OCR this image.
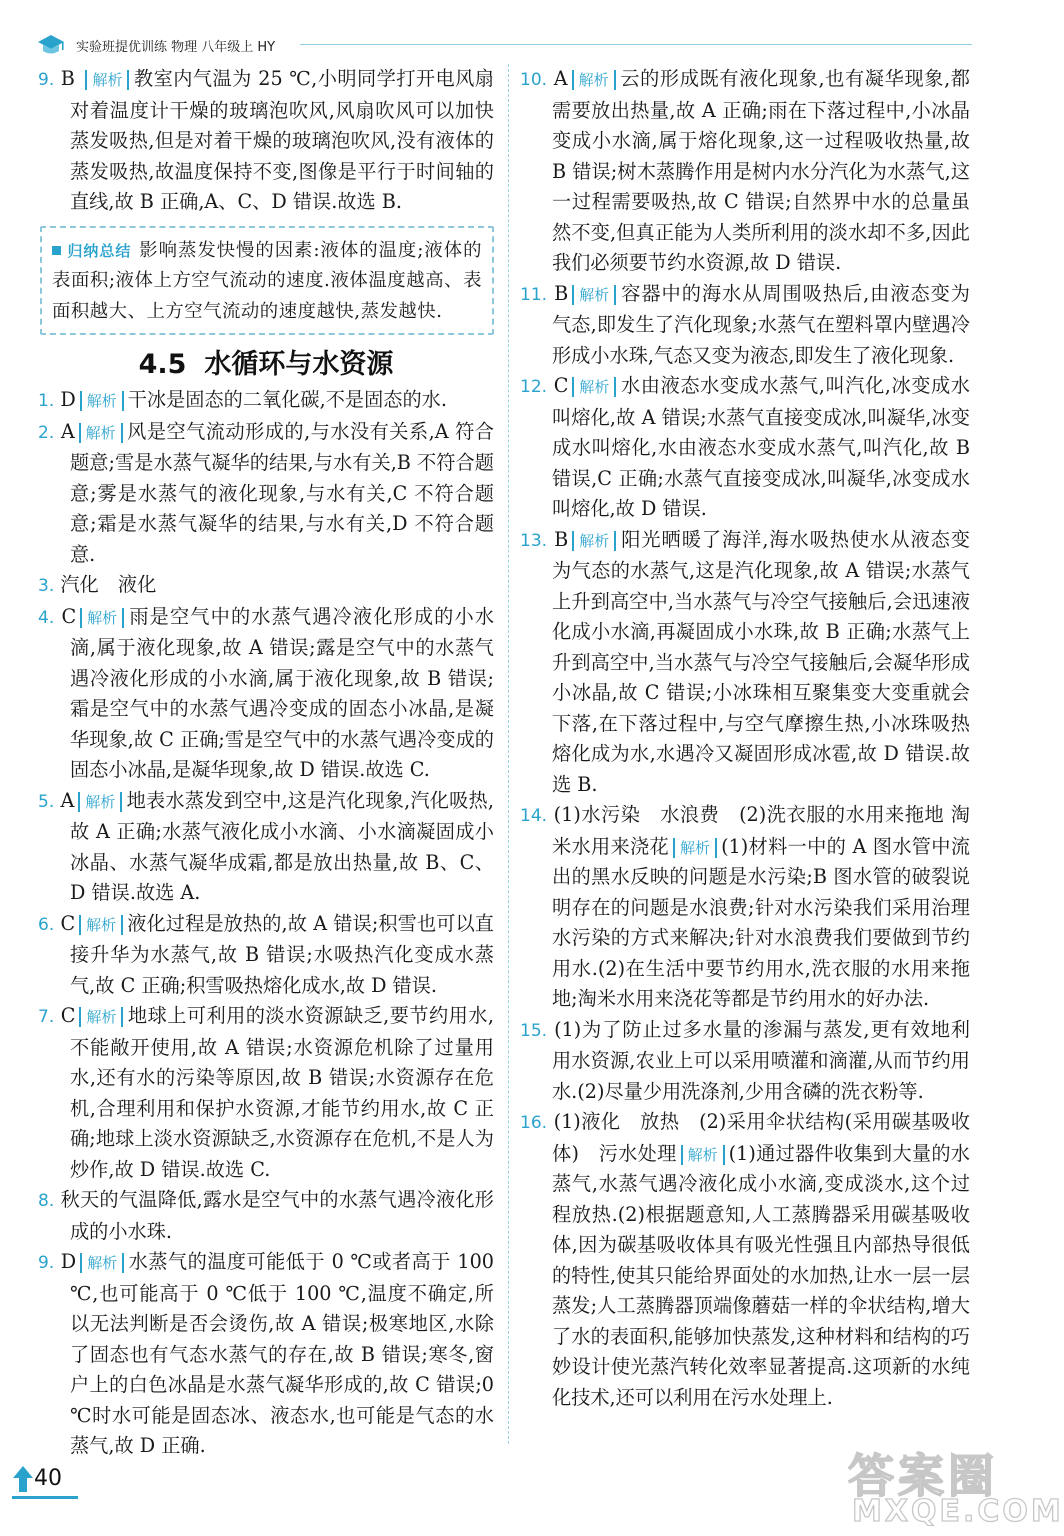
实验班提优训练 物理 八年级上 HY

9. B 解析 教室内气温为 25 ℃,小明同学打开电风扇对着温度计干燥的玻璃泡吹风,风扇吹风可以加快蒸发吸热,但是对着干燥的玻璃泡吹风,没有液体的蒸发吸热,故温度保持不变,图像是平行于时间轴的直线,故 B 正确,A、C、D 错误.故选 B.

归纳总结 影响蒸发快慢的因素:液体的温度;液体的表面积;液体上方空气流动的速度.液体温度越高、表面积越大、上方空气流动的速度越快,蒸发越快.
4.5 水循环与水资源

1. D 解析 干冰是固态的二氧化碳,不是固态的水.

2. A 解析 风是空气流动形成的,与水没有关系,A 符合题意;雪是水蒸气凝华的结果,与水有关,B 不符合题意;雾是水蒸气的液化现象,与水有关,C 不符合题意;霜是水蒸气凝华的结果,与水有关,D 不符合题意.

3. 汽化　液化

4. C 解析 雨是空气中的水蒸气遇冷液化形成的小水滴,属于液化现象,故 A 错误;露是空气中的水蒸气遇冷液化形成的小水滴,属于液化现象,故 B 错误;霜是空气中的水蒸气遇冷变成的固态小冰晶,是凝华现象,故 C 正确;雪是空气中的水蒸气遇冷变成的固态小冰晶,是凝华现象,故 D 错误.故选 C.

5. A 解析 地表水蒸发到空中,这是汽化现象,汽化吸热,故 A 正确;水蒸气液化成小水滴、小水滴凝固成小冰晶、水蒸气凝华成霜,都是放出热量,故 B、C、D 错误.故选 A.

6. C 解析 液化过程是放热的,故 A 错误;积雪也可以直接升华为水蒸气,故 B 错误;水吸热汽化变成水蒸气,故 C 正确;积雪吸热熔化成水,故 D 错误.

7. C 解析 地球上可利用的淡水资源缺乏,要节约用水,不能敞开使用,故 A 错误;水资源危机除了过量用水,还有水的污染等原因,故 B 错误;水资源存在危机,合理利用和保护水资源,才能节约用水,故 C 正确;地球上淡水资源缺乏,水资源存在危机,不是人为炒作,故 D 错误.故选 C.

8. 秋天的气温降低,露水是空气中的水蒸气遇冷液化形成的小水珠.

9. D 解析 水蒸气的温度可能低于 0 ℃或者高于 100 ℃,也可能高于 0 ℃低于 100 ℃,温度不确定,所以无法判断是否会烫伤,故 A 错误;极寒地区,水除了固态也有气态水蒸气的存在,故 B 错误;寒冬,窗户上的白色冰晶是水蒸气凝华形成的,故 C 错误;0 ℃时水可能是固态冰、液态水,也可能是气态的水蒸气,故 D 正确.

10. A 解析 云的形成既有液化现象,也有凝华现象,都需要放出热量,故 A 正确;雨在下落过程中,小冰晶变成小水滴,属于熔化现象,这一过程吸收热量,故 B 错误;树木蒸腾作用是树内水分汽化为水蒸气,这一过程需要吸热,故 C 错误;自然界中水的总量虽然不变,但真正能为人类所利用的淡水却不多,因此我们必须要节约水资源,故 D 错误.

11. B 解析 容器中的海水从周围吸热后,由液态变为气态,即发生了汽化现象;水蒸气在塑料罩内壁遇冷形成小水珠,气态又变为液态,即发生了液化现象.

12. C 解析 水由液态水变成水蒸气,叫汽化,冰变成水叫熔化,故 A 错误;水蒸气直接变成冰,叫凝华,冰变成水叫熔化,水由液态水变成水蒸气,叫汽化,故 B 错误,C 正确;水蒸气直接变成冰,叫凝华,冰变成水叫熔化,故 D 错误.

13. B 解析 阳光晒暖了海洋,海水吸热使水从液态变为气态的水蒸气,这是汽化现象,故 A 错误;水蒸气上升到高空中,当水蒸气与冷空气接触后,会迅速液化成小水滴,再凝固成小水珠,故 B 正确;水蒸气上升到高空中,当水蒸气与冷空气接触后,会凝华形成小冰晶,故 C 错误;小冰珠相互聚集变大变重就会下落,在下落过程中,与空气摩擦生热,小冰珠吸热熔化成为水,水遇冷又凝固形成冰雹,故 D 错误.故选 B.

14. (1)水污染　水浪费　(2)洗衣服的水用来拖地 淘米水用来浇花 解析 (1)材料一中的 A 图水管中流出的黑水反映的问题是水污染;B 图水管的破裂说明存在的问题是水浪费;针对水污染我们采用治理水污染的方式来解决;针对水浪费我们要做到节约用水.(2)在生活中要节约用水,洗衣服的水用来拖地;淘米水用来浇花等都是节约用水的好办法.

15. (1)为了防止过多水量的渗漏与蒸发,更有效地利用水资源,农业上可以采用喷灌和滴灌,从而节约用水.(2)尽量少用洗涤剂,少用含磷的洗衣粉等.

16. (1)液化　放热　(2)采用伞状结构(采用碳基吸收体)　污水处理 解析 (1)通过器件收集到大量的水蒸气,水蒸气遇冷液化成小水滴,变成淡水,这个过程放热.(2)根据题意知,人工蒸腾器采用碳基吸收体,因为碳基吸收体具有吸光性强且内部热导很低的特性,使其只能给界面处的水加热,让水一层一层蒸发;人工蒸腾器顶端像蘑菇一样的伞状结构,增大了水的表面积,能够加快蒸发,这种材料和结构的巧妙设计使光蒸汽转化效率显著提高.这项新的水纯化技术,还可以利用在污水处理上.

40	答案圈
MXQE.COM
